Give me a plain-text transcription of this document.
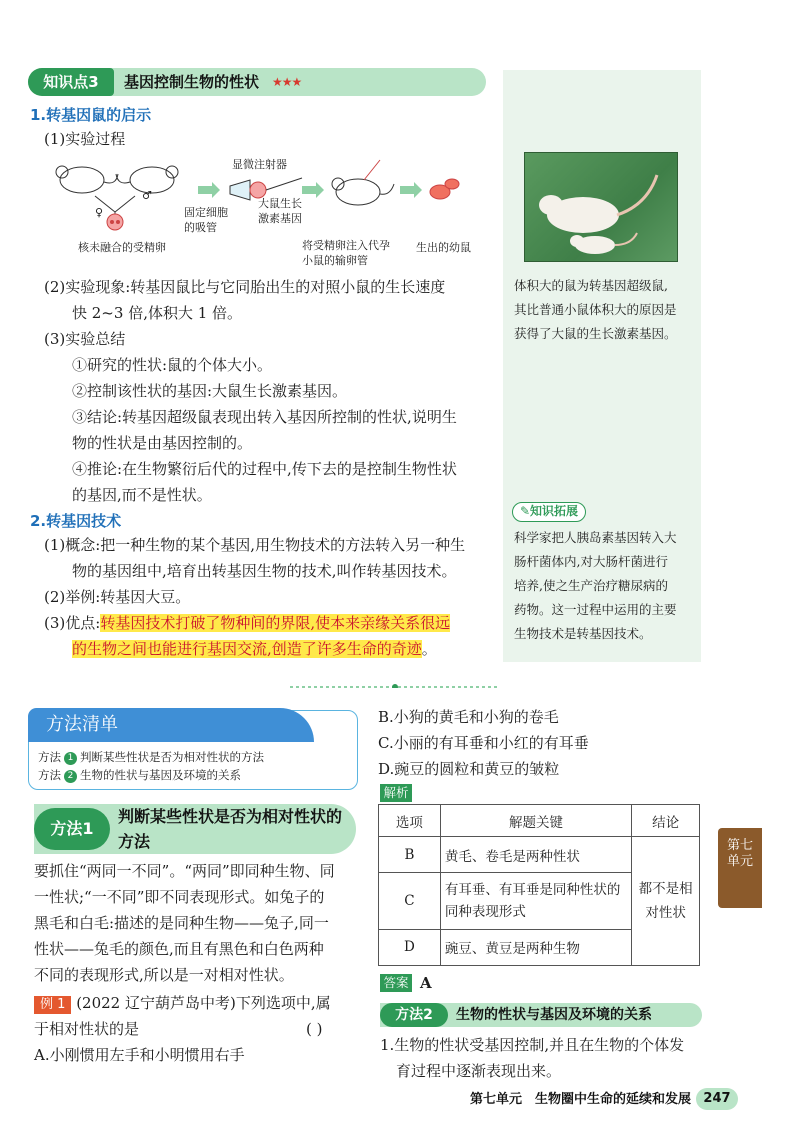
知识点3	基因控制生物的性状 ★★★
1.转基因鼠的启示
(1)实验过程
核未融合的受精卵
♀
♂
固定细胞
的吸管
显微注射器
大鼠生长
激素基因
将受精卵注入代孕
小鼠的输卵管
生出的幼鼠
(2)实验现象:转基因鼠比与它同胎出生的对照小鼠的生长速度
快 2~3 倍,体积大 1 倍。
(3)实验总结
①研究的性状:鼠的个体大小。
②控制该性状的基因:大鼠生长激素基因。
③结论:转基因超级鼠表现出转入基因所控制的性状,说明生
物的性状是由基因控制的。
④推论:在生物繁衍后代的过程中,传下去的是控制生物性状
的基因,而不是性状。
2.转基因技术
(1)概念:把一种生物的某个基因,用生物技术的方法转入另一种生
物的基因组中,培育出转基因生物的技术,叫作转基因技术。
(2)举例:转基因大豆。
(3)优点:转基因技术打破了物种间的界限,使本来亲缘关系很远
的生物之间也能进行基因交流,创造了许多生命的奇迹。
体积大的鼠为转基因超级鼠,
其比普通小鼠体积大的原因是
获得了大鼠的生长激素基因。
✎知识拓展
科学家把人胰岛素基因转入大
肠杆菌体内,对大肠杆菌进行
培养,使之生产治疗糖尿病的
药物。这一过程中运用的主要
生物技术是转基因技术。
方法清单
方法 1 判断某些性状是否为相对性状的方法
方法 2 生物的性状与基因及环境的关系
方法1
判断某些性状是否为相对性状的方法
要抓住“两同一不同”。“两同”即同种生物、同
一性状;“一不同”即不同表现形式。如兔子的
黑毛和白毛:描述的是同种生物——兔子,同一
性状——兔毛的颜色,而且有黑色和白色两种
不同的表现形式,所以是一对相对性状。
例 1 (2022 辽宁葫芦岛中考)下列选项中,属
于相对性状的是	( )
A.小刚惯用左手和小明惯用右手
B.小狗的黄毛和小狗的卷毛
C.小丽的有耳垂和小红的有耳垂
D.豌豆的圆粒和黄豆的皱粒
解析
选项	解题关键	结论
B	黄毛、卷毛是两种性状	都不是相对性状
C	有耳垂、有耳垂是同种性状的同种表现形式	
D	豌豆、黄豆是两种生物	
答案 A
方法2	生物的性状与基因及环境的关系
1.生物的性状受基因控制,并且在生物的个体发
育过程中逐渐表现出来。
第七单元
第七单元　生物圈中生命的延续和发展 247
